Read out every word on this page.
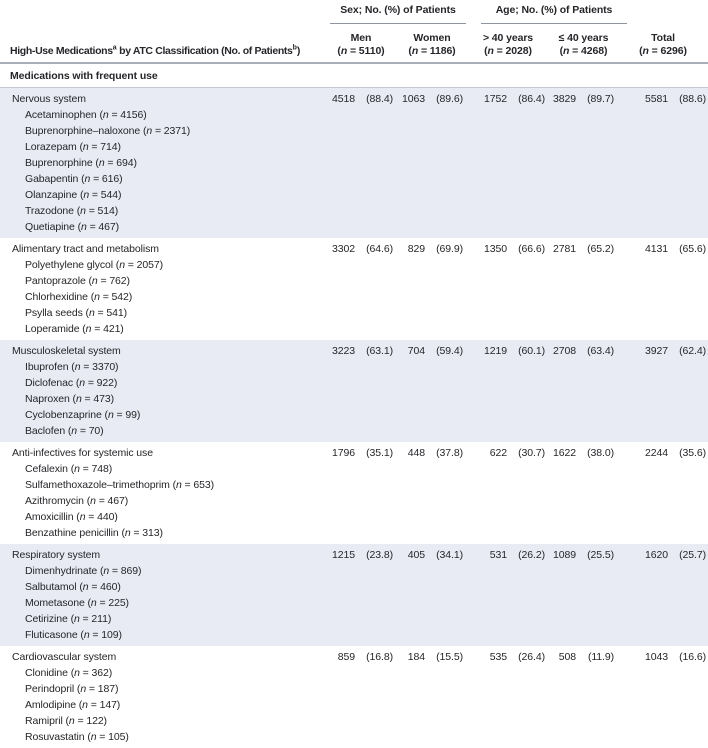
Sex; No. (%) of Patients	Age; No. (%) of Patients
High-Use Medications$^a$ by ATC Classification (No. of Patients$^b$)
Men
(n = 5110)
Women
(n = 1186)
> 40 years
(n = 2028)
≤ 40 years
(n = 4268)
Total
(n = 6296)
Medications with frequent use
Nervous system	4518	(88.4) 1063	(89.6) 1752	(86.4) 3829	(89.7)	5581	(88.6)
Acetaminophen (n = 4156)
Buprenorphine–naloxone (n = 2371)
Lorazepam (n = 714)
Buprenorphine (n = 694)
Gabapentin (n = 616)
Olanzapine (n = 544)
Trazodone (n = 514)
Quetiapine (n = 467)
Alimentary tract and metabolism	3302	(64.6) 829	(69.9) 1350	(66.6) 2781	(65.2)	4131	(65.6)
Polyethylene glycol (n = 2057)
Pantoprazole (n = 762)
Chlorhexidine (n = 542)
Psylla seeds (n = 541)
Loperamide (n = 421)
Musculoskeletal system	3223	(63.1) 704	(59.4) 1219	(60.1) 2708	(63.4)	3927	(62.4)
Ibuprofen (n = 3370)
Diclofenac (n = 922)
Naproxen (n = 473)
Cyclobenzaprine (n = 99)
Baclofen (n = 70)
Anti-infectives for systemic use	1796	(35.1) 448	(37.8)	622	(30.7) 1622	(38.0)	2244	(35.6)
Cefalexin (n = 748)
Sulfamethoxazole–trimethoprim (n = 653)
Azithromycin (n = 467)
Amoxicillin (n = 440)
Benzathine penicillin (n = 313)
Respiratory system	1215	(23.8) 405	(34.1)	531	(26.2) 1089	(25.5)	1620	(25.7)
Dimenhydrinate (n = 869)
Salbutamol (n = 460)
Mometasone (n = 225)
Cetirizine (n = 211)
Fluticasone (n = 109)
Cardiovascular system	859	(16.8) 184	(15.5)	535	(26.4) 508	(11.9)	1043	(16.6)
Clonidine (n = 362)
Perindopril (n = 187)
Amlodipine (n = 147)
Ramipril (n = 122)
Rosuvastatin (n = 105)
